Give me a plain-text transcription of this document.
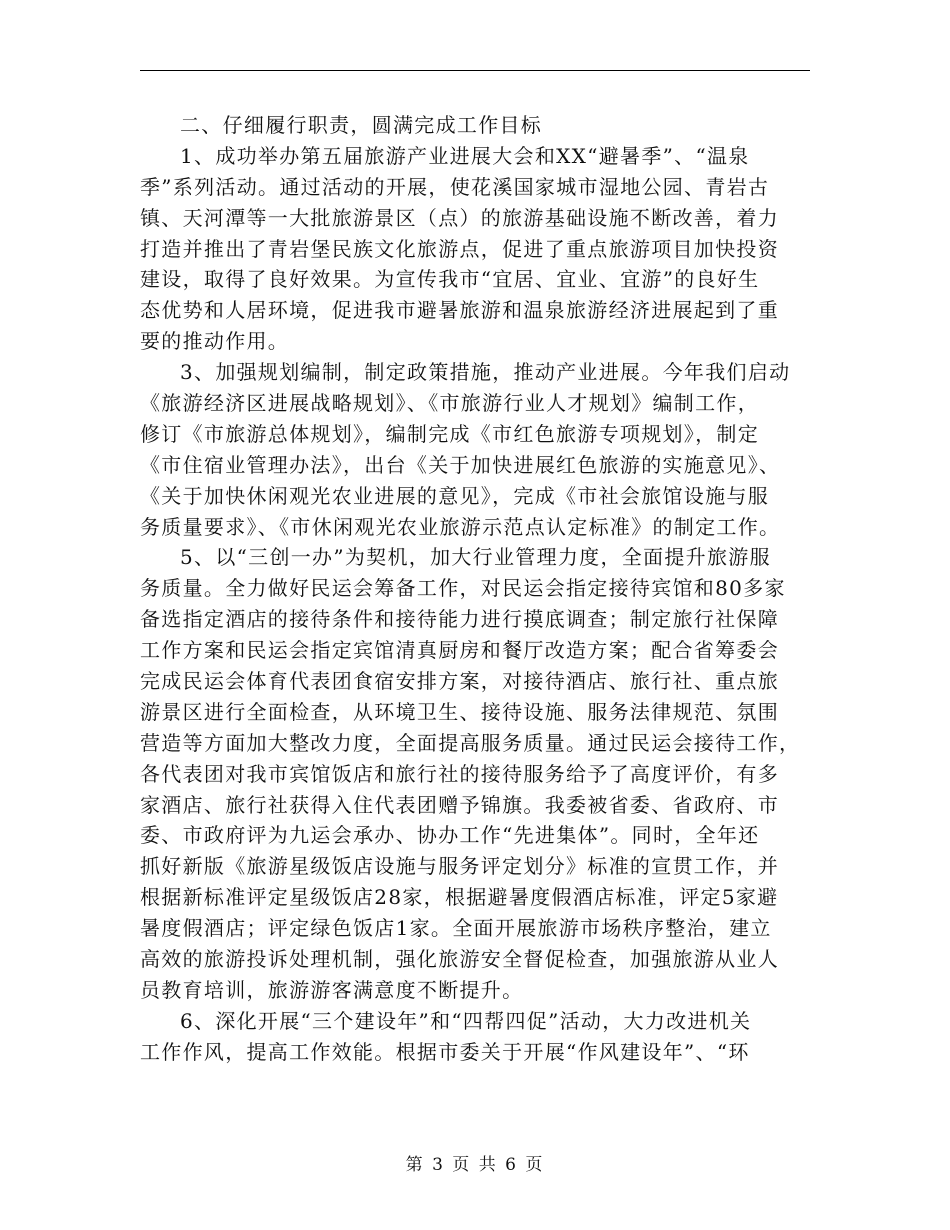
二、仔细履行职责，圆满完成工作目标
1、成功举办第五届旅游产业进展大会和XX“避暑季”、“温泉
季”系列活动。通过活动的开展，使花溪国家城市湿地公园、青岩古
镇、天河潭等一大批旅游景区（点）的旅游基础设施不断改善，着力
打造并推出了青岩堡民族文化旅游点，促进了重点旅游项目加快投资
建设，取得了良好效果。为宣传我市“宜居、宜业、宜游”的良好生
态优势和人居环境，促进我市避暑旅游和温泉旅游经济进展起到了重
要的推动作用。
3、加强规划编制，制定政策措施，推动产业进展。今年我们启动
《旅游经济区进展战略规划》、《市旅游行业人才规划》编制工作，
修订《市旅游总体规划》，编制完成《市红色旅游专项规划》，制定
《市住宿业管理办法》，出台《关于加快进展红色旅游的实施意见》、
《关于加快休闲观光农业进展的意见》，完成《市社会旅馆设施与服
务质量要求》、《市休闲观光农业旅游示范点认定标准》的制定工作。
5、以“三创一办”为契机，加大行业管理力度，全面提升旅游服
务质量。全力做好民运会筹备工作，对民运会指定接待宾馆和80多家
备选指定酒店的接待条件和接待能力进行摸底调查；制定旅行社保障
工作方案和民运会指定宾馆清真厨房和餐厅改造方案；配合省筹委会
完成民运会体育代表团食宿安排方案，对接待酒店、旅行社、重点旅
游景区进行全面检查，从环境卫生、接待设施、服务法律规范、氛围
营造等方面加大整改力度，全面提高服务质量。通过民运会接待工作，
各代表团对我市宾馆饭店和旅行社的接待服务给予了高度评价，有多
家酒店、旅行社获得入住代表团赠予锦旗。我委被省委、省政府、市
委、市政府评为九运会承办、协办工作“先进集体”。同时，全年还
抓好新版《旅游星级饭店设施与服务评定划分》标准的宣贯工作，并
根据新标准评定星级饭店28家，根据避暑度假酒店标准，评定5家避
暑度假酒店；评定绿色饭店1家。全面开展旅游市场秩序整治，建立
高效的旅游投诉处理机制，强化旅游安全督促检查，加强旅游从业人
员教育培训，旅游游客满意度不断提升。
6、深化开展“三个建设年”和“四帮四促”活动，大力改进机关
工作作风，提高工作效能。根据市委关于开展“作风建设年”、“环
第 3 页 共 6 页
